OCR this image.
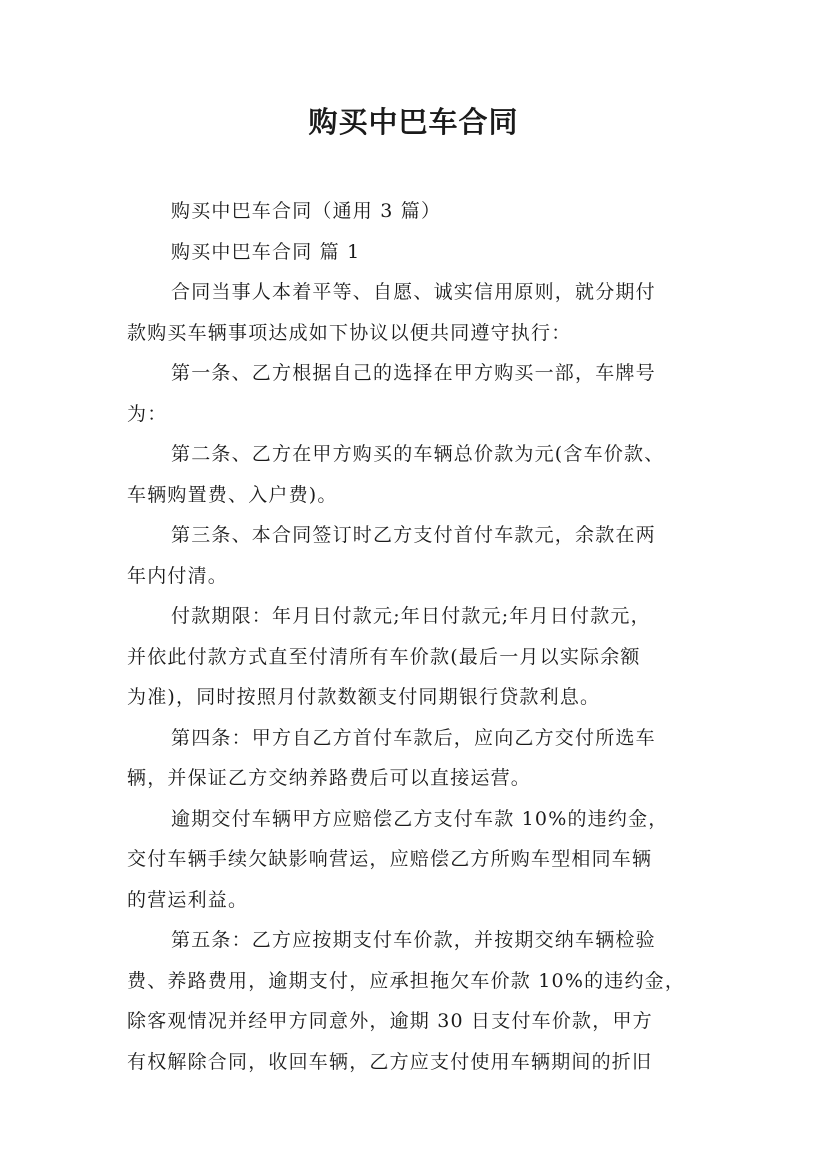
购买中巴车合同
购买中巴车合同（通用 3 篇）
购买中巴车合同 篇 1
合同当事人本着平等、自愿、诚实信用原则，就分期付
款购买车辆事项达成如下协议以便共同遵守执行：
第一条、乙方根据自己的选择在甲方购买一部，车牌号
为：
第二条、乙方在甲方购买的车辆总价款为元(含车价款、
车辆购置费、入户费)。
第三条、本合同签订时乙方支付首付车款元，余款在两
年内付清。
付款期限：年月日付款元;年日付款元;年月日付款元，
并依此付款方式直至付清所有车价款(最后一月以实际余额
为准)，同时按照月付款数额支付同期银行贷款利息。
第四条：甲方自乙方首付车款后，应向乙方交付所选车
辆，并保证乙方交纳养路费后可以直接运营。
逾期交付车辆甲方应赔偿乙方支付车款 10%的违约金，
交付车辆手续欠缺影响营运，应赔偿乙方所购车型相同车辆
的营运利益。
第五条：乙方应按期支付车价款，并按期交纳车辆检验
费、养路费用，逾期支付，应承担拖欠车价款 10%的违约金，
除客观情况并经甲方同意外，逾期 30 日支付车价款，甲方
有权解除合同，收回车辆，乙方应支付使用车辆期间的折旧
